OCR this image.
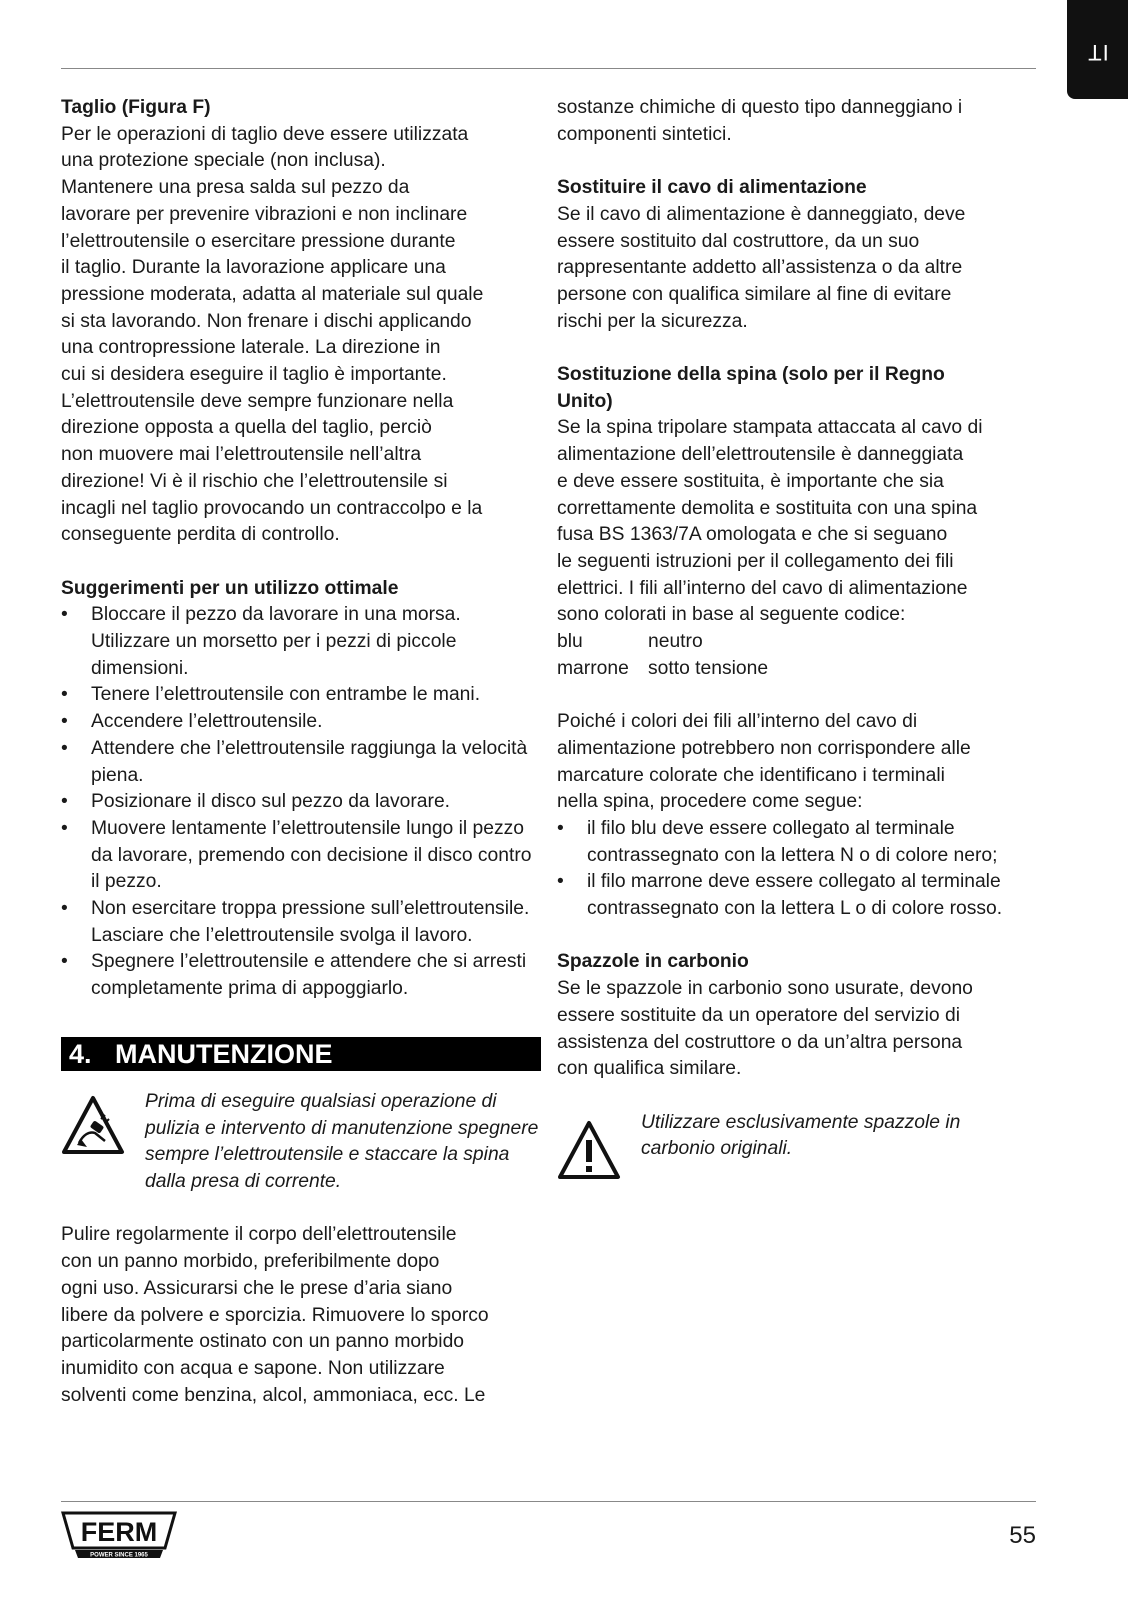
IT
Taglio (Figura F)

Per le operazioni di taglio deve essere utilizzata
una protezione speciale (non inclusa).
Mantenere una presa salda sul pezzo da
lavorare per prevenire vibrazioni e non inclinare
l’elettroutensile o esercitare pressione durante
il taglio. Durante la lavorazione applicare una
pressione moderata, adatta al materiale sul quale
si sta lavorando. Non frenare i dischi applicando
una contropressione laterale. La direzione in
cui si desidera eseguire il taglio è importante.
L’elettroutensile deve sempre funzionare nella
direzione opposta a quella del taglio, perciò
non muovere mai l’elettroutensile nell’altra
direzione! Vi è il rischio che l’elettroutensile si
incagli nel taglio provocando un contraccolpo e la
conseguente perdita di controllo.

Suggerimenti per un utilizzo ottimale
• Bloccare il pezzo da lavorare in una morsa. Utilizzare un morsetto per i pezzi di piccole dimensioni.
• Tenere l’elettroutensile con entrambe le mani.
• Accendere l’elettroutensile.
• Attendere che l’elettroutensile raggiunga la velocità piena.
• Posizionare il disco sul pezzo da lavorare.
• Muovere lentamente l’elettroutensile lungo il pezzo da lavorare, premendo con decisione il disco contro il pezzo.
• Non esercitare troppa pressione sull’elettroutensile. Lasciare che l’elettroutensile svolga il lavoro.
• Spegnere l’elettroutensile e attendere che si arresti completamente prima di appoggiarlo.
4. MANUTENZIONE
Prima di eseguire qualsiasi operazione di pulizia e intervento di manutenzione spegnere sempre l’elettroutensile e staccare la spina dalla presa di corrente.

Pulire regolarmente il corpo dell’elettroutensile
con un panno morbido, preferibilmente dopo
ogni uso. Assicurarsi che le prese d’aria siano
libere da polvere e sporcizia. Rimuovere lo sporco
particolarmente ostinato con un panno morbido
inumidito con acqua e sapone. Non utilizzare
solventi come benzina, alcol, ammoniaca, ecc. Le

sostanze chimiche di questo tipo danneggiano i
componenti sintetici.

Sostituire il cavo di alimentazione

Se il cavo di alimentazione è danneggiato, deve
essere sostituito dal costruttore, da un suo
rappresentante addetto all’assistenza o da altre
persone con qualifica similare al fine di evitare
rischi per la sicurezza.

Sostituzione della spina (solo per il Regno
Unito)

Se la spina tripolare stampata attaccata al cavo di
alimentazione dell’elettroutensile è danneggiata
e deve essere sostituita, è importante che sia
correttamente demolita e sostituita con una spina
fusa BS 1363/7A omologata e che si seguano
le seguenti istruzioni per il collegamento dei fili
elettrici. I fili all’interno del cavo di alimentazione
sono colorati in base al seguente codice:

blu	neutro
marrone sotto tensione

Poiché i colori dei fili all’interno del cavo di
alimentazione potrebbero non corrispondere alle
marcature colorate che identificano i terminali
nella spina, procedere come segue:

• il filo blu deve essere collegato al terminale contrassegnato con la lettera N o di colore nero;
• il filo marrone deve essere collegato al terminale contrassegnato con la lettera L o di colore rosso.
Spazzole in carbonio

Se le spazzole in carbonio sono usurate, devono
essere sostituite da un operatore del servizio di
assistenza del costruttore o da un’altra persona
con qualifica similare.

Utilizzare esclusivamente spazzole in carbonio originali.
FERM
POWER SINCE 1965
55
